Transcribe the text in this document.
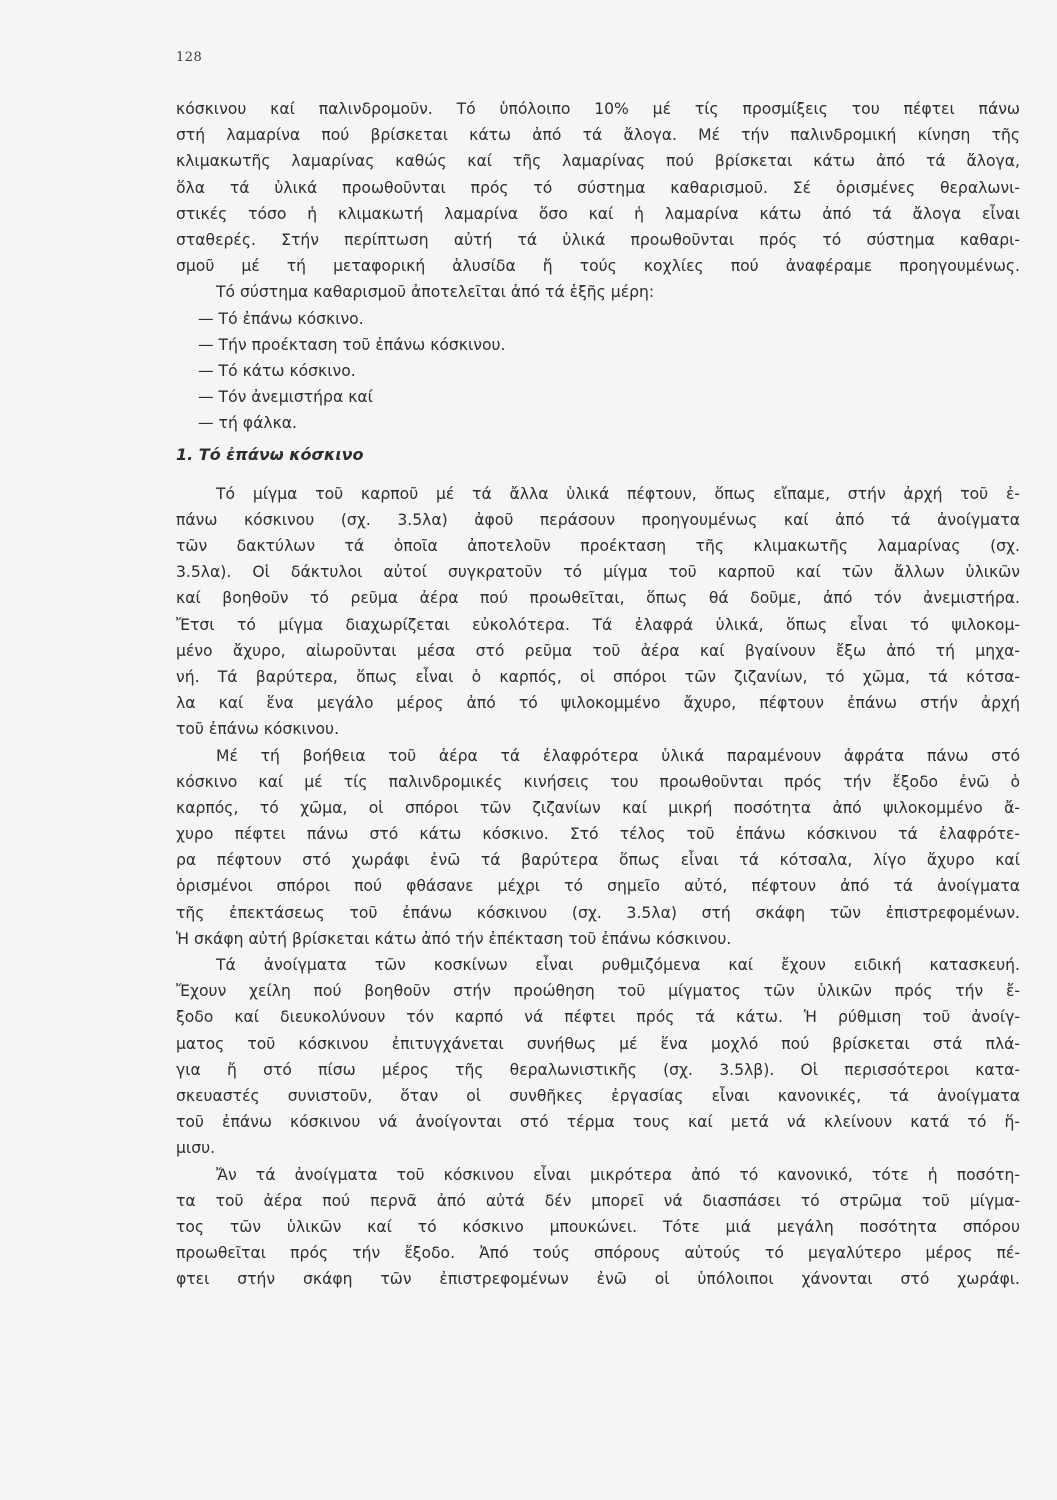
128
κόσκινου καί παλινδρομοῦν. Τό ὑπόλοιπο 10% μέ τίς προσμίξεις του πέφτει πάνω
στή λαμαρίνα πού βρίσκεται κάτω ἀπό τά ἄλογα. Μέ τήν παλινδρομική κίνηση τῆς
κλιμακωτῆς λαμαρίνας καθώς καί τῆς λαμαρίνας πού βρίσκεται κάτω ἀπό τά ἄλογα,
ὅλα τά ὑλικά προωθοῦνται πρός τό σύστημα καθαρισμοῦ. Σέ ὁρισμένες θεραλωνι-
στικές τόσο ἡ κλιμακωτή λαμαρίνα ὅσο καί ἡ λαμαρίνα κάτω ἀπό τά ἄλογα εἶναι
σταθερές. Στήν περίπτωση αὐτή τά ὑλικά προωθοῦνται πρός τό σύστημα καθαρι-
σμοῦ μέ τή μεταφορική ἁλυσίδα ἤ τούς κοχλίες πού ἀναφέραμε προηγουμένως.
Τό σύστημα καθαρισμοῦ ἀποτελεῖται ἀπό τά ἑξῆς μέρη:
— Τό ἐπάνω κόσκινο.
— Τήν προέκταση τοῦ ἐπάνω κόσκινου.
— Τό κάτω κόσκινο.
— Τόν ἀνεμιστήρα καί
— τή φάλκα.
1. Τό ἐπάνω κόσκινο
Τό μίγμα τοῦ καρποῦ μέ τά ἄλλα ὑλικά πέφτουν, ὅπως εἴπαμε, στήν ἀρχή τοῦ ἐ-
πάνω κόσκινου (σχ. 3.5λα) ἀφοῦ περάσουν προηγουμένως καί ἀπό τά ἀνοίγματα
τῶν δακτύλων τά ὁποῖα ἀποτελοῦν προέκταση τῆς κλιμακωτῆς λαμαρίνας (σχ.
3.5λα). Οἱ δάκτυλοι αὐτοί συγκρατοῦν τό μίγμα τοῦ καρποῦ καί τῶν ἄλλων ὑλικῶν
καί βοηθοῦν τό ρεῦμα ἀέρα πού προωθεῖται, ὅπως θά δοῦμε, ἀπό τόν ἀνεμιστήρα.
Ἔτσι τό μίγμα διαχωρίζεται εὐκολότερα. Τά ἐλαφρά ὑλικά, ὅπως εἶναι τό ψιλοκομ-
μένο ἄχυρο, αἰωροῦνται μέσα στό ρεῦμα τοῦ ἀέρα καί βγαίνουν ἔξω ἀπό τή μηχα-
νή. Τά βαρύτερα, ὅπως εἶναι ὁ καρπός, οἱ σπόροι τῶν ζιζανίων, τό χῶμα, τά κότσα-
λα καί ἕνα μεγάλο μέρος ἀπό τό ψιλοκομμένο ἄχυρο, πέφτουν ἐπάνω στήν ἀρχή
τοῦ ἐπάνω κόσκινου.
Μέ τή βοήθεια τοῦ ἀέρα τά ἐλαφρότερα ὑλικά παραμένουν ἀφράτα πάνω στό
κόσκινο καί μέ τίς παλινδρομικές κινήσεις του προωθοῦνται πρός τήν ἔξοδο ἐνῶ ὁ
καρπός, τό χῶμα, οἱ σπόροι τῶν ζιζανίων καί μικρή ποσότητα ἀπό ψιλοκομμένο ἄ-
χυρο πέφτει πάνω στό κάτω κόσκινο. Στό τέλος τοῦ ἐπάνω κόσκινου τά ἐλαφρότε-
ρα πέφτουν στό χωράφι ἐνῶ τά βαρύτερα ὅπως εἶναι τά κότσαλα, λίγο ἄχυρο καί
ὁρισμένοι σπόροι πού φθάσανε μέχρι τό σημεῖο αὐτό, πέφτουν ἀπό τά ἀνοίγματα
τῆς ἐπεκτάσεως τοῦ ἐπάνω κόσκινου (σχ. 3.5λα) στή σκάφη τῶν ἐπιστρεφομένων.
Ἡ σκάφη αὐτή βρίσκεται κάτω ἀπό τήν ἐπέκταση τοῦ ἐπάνω κόσκινου.
Τά ἀνοίγματα τῶν κοσκίνων εἶναι ρυθμιζόμενα καί ἔχουν ειδική κατασκευή.
Ἔχουν χείλη πού βοηθοῦν στήν προώθηση τοῦ μίγματος τῶν ὑλικῶν πρός τήν ἔ-
ξοδο καί διευκολύνουν τόν καρπό νά πέφτει πρός τά κάτω. Ἡ ρύθμιση τοῦ ἀνοίγ-
ματος τοῦ κόσκινου ἐπιτυγχάνεται συνήθως μέ ἕνα μοχλό πού βρίσκεται στά πλά-
για ἤ στό πίσω μέρος τῆς θεραλωνιστικῆς (σχ. 3.5λβ). Οἱ περισσότεροι κατα-
σκευαστές συνιστοῦν, ὅταν οἱ συνθῆκες ἐργασίας εἶναι κανονικές, τά ἀνοίγματα
τοῦ ἐπάνω κόσκινου νά ἀνοίγονται στό τέρμα τους καί μετά νά κλείνουν κατά τό ἥ-
μισυ.
Ἄν τά ἀνοίγματα τοῦ κόσκινου εἶναι μικρότερα ἀπό τό κανονικό, τότε ἡ ποσότη-
τα τοῦ ἀέρα πού περνᾶ ἀπό αὐτά δέν μπορεῖ νά διασπάσει τό στρῶμα τοῦ μίγμα-
τος τῶν ὑλικῶν καί τό κόσκινο μπουκώνει. Τότε μιά μεγάλη ποσότητα σπόρου
προωθεῖται πρός τήν ἔξοδο. Ἀπό τούς σπόρους αὐτούς τό μεγαλύτερο μέρος πέ-
φτει στήν σκάφη τῶν ἐπιστρεφομένων ἐνῶ οἱ ὑπόλοιποι χάνονται στό χωράφι.
